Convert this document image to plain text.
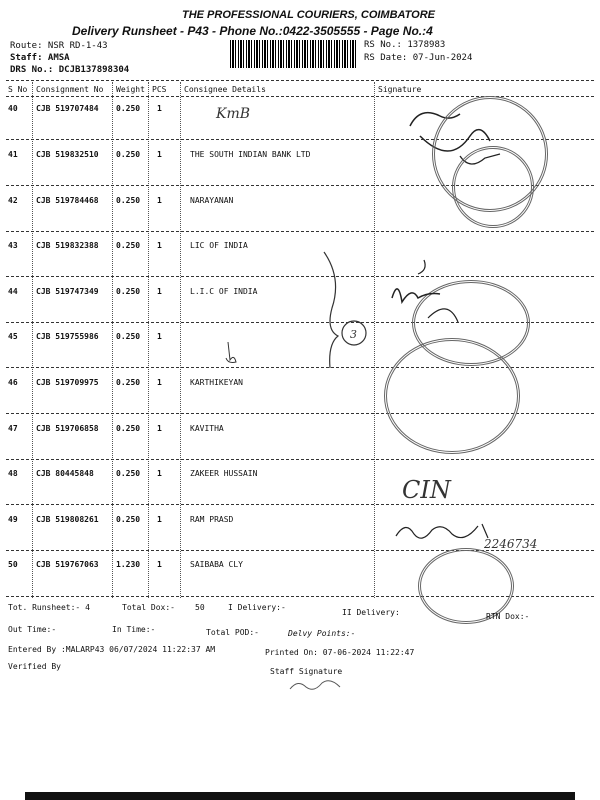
THE PROFESSIONAL COURIERS, COIMBATORE
Delivery Runsheet - P43 - Phone No.:0422-3505555 - Page No.:4
Route: NSR RD-1-43
Staff: AMSA
DRS No.: DCJB137898304
RS No.: 1378983
RS Date: 07-Jun-2024
S No Consignment No Weight PCS Consignee Details	Signature
40 CJB 519707484 0.250 1
41 CJB 519832510 0.250 1	THE SOUTH INDIAN BANK LTD
42 CJB 519784468 0.250 1	NARAYANAN
43 CJB 519832388 0.250 1	LIC OF INDIA
44 CJB 519747349 0.250 1	L.I.C OF INDIA
45 CJB 519755986 0.250 1
46 CJB 519709975 0.250 1	KARTHIKEYAN
47 CJB 519706858 0.250 1	KAVITHA
48 CJB 80445848	0.250 1	ZAKEER HUSSAIN
49 CJB 519808261 0.250 1	RAM PRASD
50 CJB 519767063 1.230 1	SAIBABA CLY
KmB
3
CIN
2246734
Tot. Runsheet:- 4	Total Dox:-	50	I Delivery:-
II Delivery:	RTN Dox:-
Out Time:-	In Time:-	Total POD:-	Delvy Points:-
Entered By :MALARP43 06/07/2024 11:22:37 AM	Printed On: 07-06-2024 11:22:47
Verified By
Staff Signature
